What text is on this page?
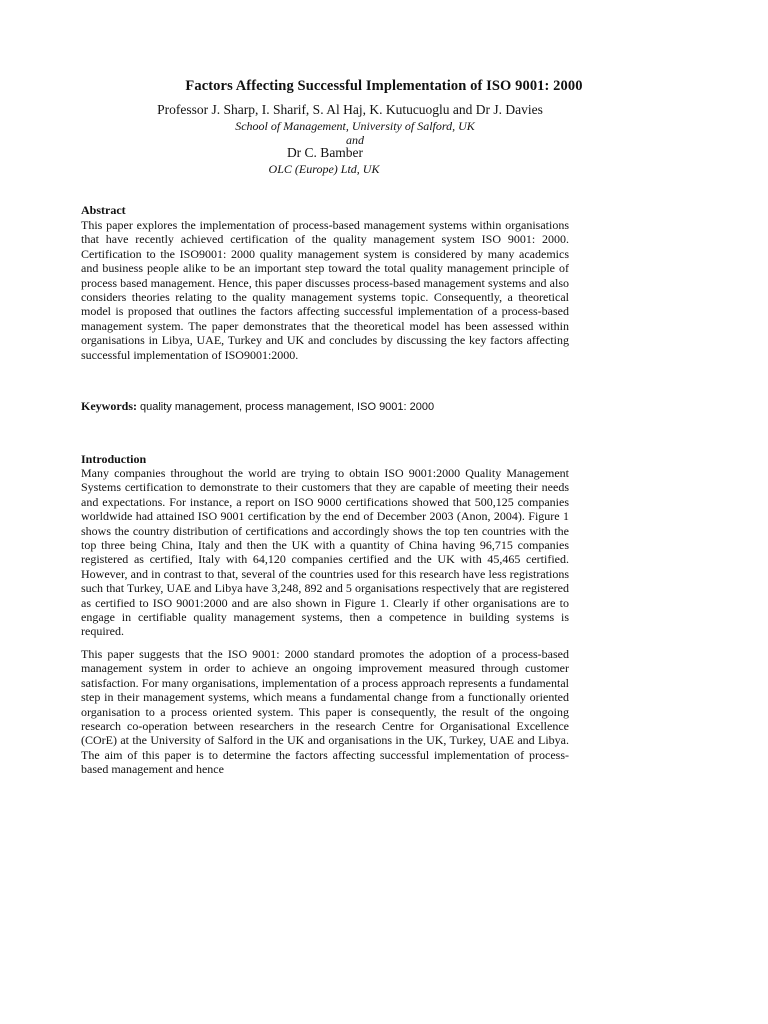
Factors Affecting Successful Implementation of ISO 9001: 2000
Professor J. Sharp, I. Sharif, S. Al Haj, K. Kutucuoglu and Dr J. Davies
School of Management, University of Salford, UK
and
Dr C. Bamber
OLC (Europe) Ltd, UK
Abstract

This paper explores the implementation of process-based management systems within organisations that have recently achieved certification of the quality management system ISO 9001: 2000. Certification to the ISO9001: 2000 quality management system is considered by many academics and business people alike to be an important step toward the total quality management principle of process based management. Hence, this paper discusses process-based management systems and also considers theories relating to the quality management systems topic. Consequently, a theoretical model is proposed that outlines the factors affecting successful implementation of a process-based management system. The paper demonstrates that the theoretical model has been assessed within organisations in Libya, UAE, Turkey and UK and concludes by discussing the key factors affecting successful implementation of ISO9001:2000.

Keywords: quality management, process management, ISO 9001: 2000
Introduction

Many companies throughout the world are trying to obtain ISO 9001:2000 Quality Management Systems certification to demonstrate to their customers that they are capable of meeting their needs and expectations. For instance, a report on ISO 9000 certifications showed that 500,125 companies worldwide had attained ISO 9001 certification by the end of December 2003 (Anon, 2004). Figure 1 shows the country distribution of certifications and accordingly shows the top ten countries with the top three being China, Italy and then the UK with a quantity of China having 96,715 companies registered as certified, Italy with 64,120 companies certified and the UK with 45,465 certified. However, and in contrast to that, several of the countries used for this research have less registrations such that Turkey, UAE and Libya have 3,248, 892 and 5 organisations respectively that are registered as certified to ISO 9001:2000 and are also shown in Figure 1. Clearly if other organisations are to engage in certifiable quality management systems, then a competence in building systems is required.

This paper suggests that the ISO 9001: 2000 standard promotes the adoption of a process-based management system in order to achieve an ongoing improvement measured through customer satisfaction. For many organisations, implementation of a process approach represents a fundamental step in their management systems, which means a fundamental change from a functionally oriented organisation to a process oriented system. This paper is consequently, the result of the ongoing research co-operation between researchers in the research Centre for Organisational Excellence (COrE) at the University of Salford in the UK and organisations in the UK, Turkey, UAE and Libya. The aim of this paper is to determine the factors affecting successful implementation of process-based management and hence
